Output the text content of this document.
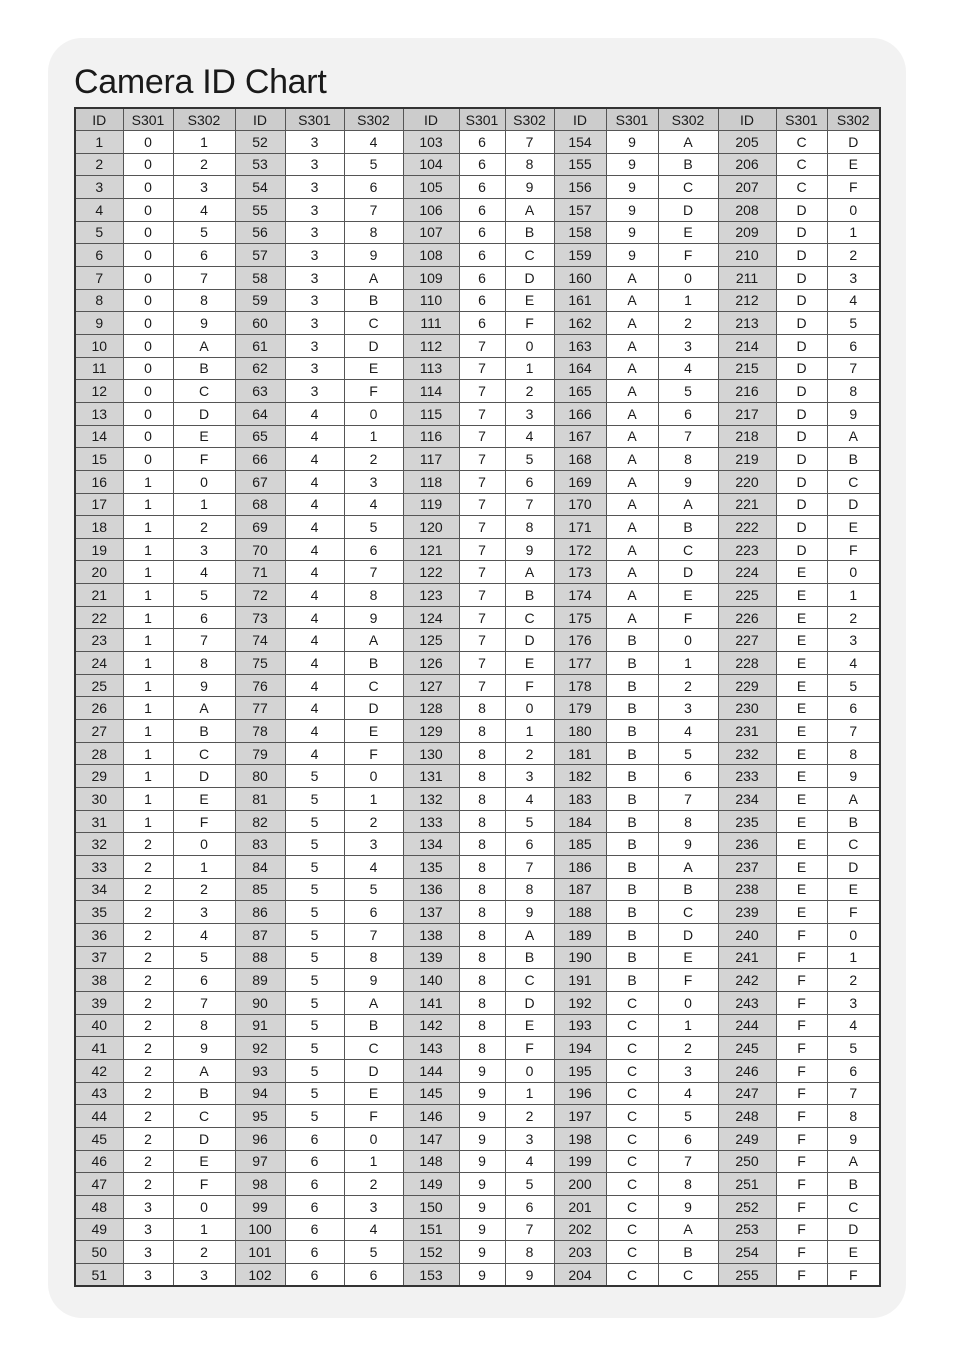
Camera ID Chart
ID	S301	S302	ID	S301	S302	ID	S301	S302	ID	S301	S302	ID	S301	S302
1	0	1	52	3	4	103	6	7	154	9	A	205	C	D
2	0	2	53	3	5	104	6	8	155	9	B	206	C	E
3	0	3	54	3	6	105	6	9	156	9	C	207	C	F
4	0	4	55	3	7	106	6	A	157	9	D	208	D	0
5	0	5	56	3	8	107	6	B	158	9	E	209	D	1
6	0	6	57	3	9	108	6	C	159	9	F	210	D	2
7	0	7	58	3	A	109	6	D	160	A	0	211	D	3
8	0	8	59	3	B	110	6	E	161	A	1	212	D	4
9	0	9	60	3	C	111	6	F	162	A	2	213	D	5
10	0	A	61	3	D	112	7	0	163	A	3	214	D	6
11	0	B	62	3	E	113	7	1	164	A	4	215	D	7
12	0	C	63	3	F	114	7	2	165	A	5	216	D	8
13	0	D	64	4	0	115	7	3	166	A	6	217	D	9
14	0	E	65	4	1	116	7	4	167	A	7	218	D	A
15	0	F	66	4	2	117	7	5	168	A	8	219	D	B
16	1	0	67	4	3	118	7	6	169	A	9	220	D	C
17	1	1	68	4	4	119	7	7	170	A	A	221	D	D
18	1	2	69	4	5	120	7	8	171	A	B	222	D	E
19	1	3	70	4	6	121	7	9	172	A	C	223	D	F
20	1	4	71	4	7	122	7	A	173	A	D	224	E	0
21	1	5	72	4	8	123	7	B	174	A	E	225	E	1
22	1	6	73	4	9	124	7	C	175	A	F	226	E	2
23	1	7	74	4	A	125	7	D	176	B	0	227	E	3
24	1	8	75	4	B	126	7	E	177	B	1	228	E	4
25	1	9	76	4	C	127	7	F	178	B	2	229	E	5
26	1	A	77	4	D	128	8	0	179	B	3	230	E	6
27	1	B	78	4	E	129	8	1	180	B	4	231	E	7
28	1	C	79	4	F	130	8	2	181	B	5	232	E	8
29	1	D	80	5	0	131	8	3	182	B	6	233	E	9
30	1	E	81	5	1	132	8	4	183	B	7	234	E	A
31	1	F	82	5	2	133	8	5	184	B	8	235	E	B
32	2	0	83	5	3	134	8	6	185	B	9	236	E	C
33	2	1	84	5	4	135	8	7	186	B	A	237	E	D
34	2	2	85	5	5	136	8	8	187	B	B	238	E	E
35	2	3	86	5	6	137	8	9	188	B	C	239	E	F
36	2	4	87	5	7	138	8	A	189	B	D	240	F	0
37	2	5	88	5	8	139	8	B	190	B	E	241	F	1
38	2	6	89	5	9	140	8	C	191	B	F	242	F	2
39	2	7	90	5	A	141	8	D	192	C	0	243	F	3
40	2	8	91	5	B	142	8	E	193	C	1	244	F	4
41	2	9	92	5	C	143	8	F	194	C	2	245	F	5
42	2	A	93	5	D	144	9	0	195	C	3	246	F	6
43	2	B	94	5	E	145	9	1	196	C	4	247	F	7
44	2	C	95	5	F	146	9	2	197	C	5	248	F	8
45	2	D	96	6	0	147	9	3	198	C	6	249	F	9
46	2	E	97	6	1	148	9	4	199	C	7	250	F	A
47	2	F	98	6	2	149	9	5	200	C	8	251	F	B
48	3	0	99	6	3	150	9	6	201	C	9	252	F	C
49	3	1	100	6	4	151	9	7	202	C	A	253	F	D
50	3	2	101	6	5	152	9	8	203	C	B	254	F	E
51	3	3	102	6	6	153	9	9	204	C	C	255	F	F
